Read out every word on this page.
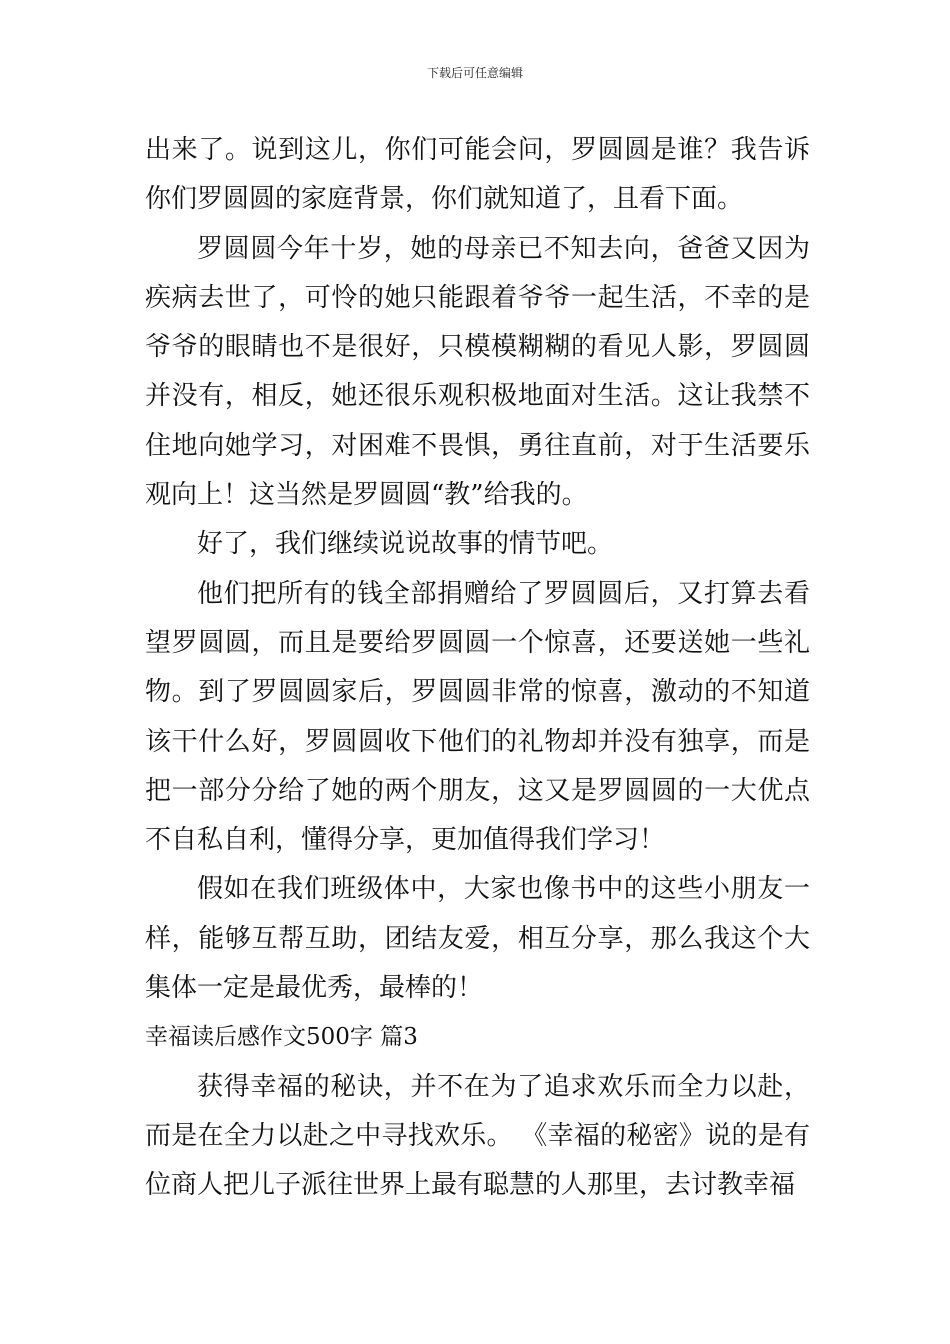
下载后可任意编辑
出来了。说到这儿，你们可能会问，罗圆圆是谁？我告诉
你们罗圆圆的家庭背景，你们就知道了，且看下面。
罗圆圆今年十岁，她的母亲已不知去向，爸爸又因为
疾病去世了，可怜的她只能跟着爷爷一起生活，不幸的是
爷爷的眼睛也不是很好，只模模糊糊的看见人影，罗圆圆
并没有，相反，她还很乐观积极地面对生活。这让我禁不
住地向她学习，对困难不畏惧，勇往直前，对于生活要乐
观向上！这当然是罗圆圆“教”给我的。
好了，我们继续说说故事的情节吧。
他们把所有的钱全部捐赠给了罗圆圆后，又打算去看
望罗圆圆，而且是要给罗圆圆一个惊喜，还要送她一些礼
物。到了罗圆圆家后，罗圆圆非常的惊喜，激动的不知道
该干什么好，罗圆圆收下他们的礼物却并没有独享，而是
把一部分分给了她的两个朋友，这又是罗圆圆的一大优点
不自私自利，懂得分享，更加值得我们学习！
假如在我们班级体中，大家也像书中的这些小朋友一
样，能够互帮互助，团结友爱，相互分享，那么我这个大
集体一定是最优秀，最棒的！
幸福读后感作文500字 篇3
获得幸福的秘诀，并不在为了追求欢乐而全力以赴，
而是在全力以赴之中寻找欢乐。 《幸福的秘密》说的是有
位商人把儿子派往世界上最有聪慧的人那里，去讨教幸福
